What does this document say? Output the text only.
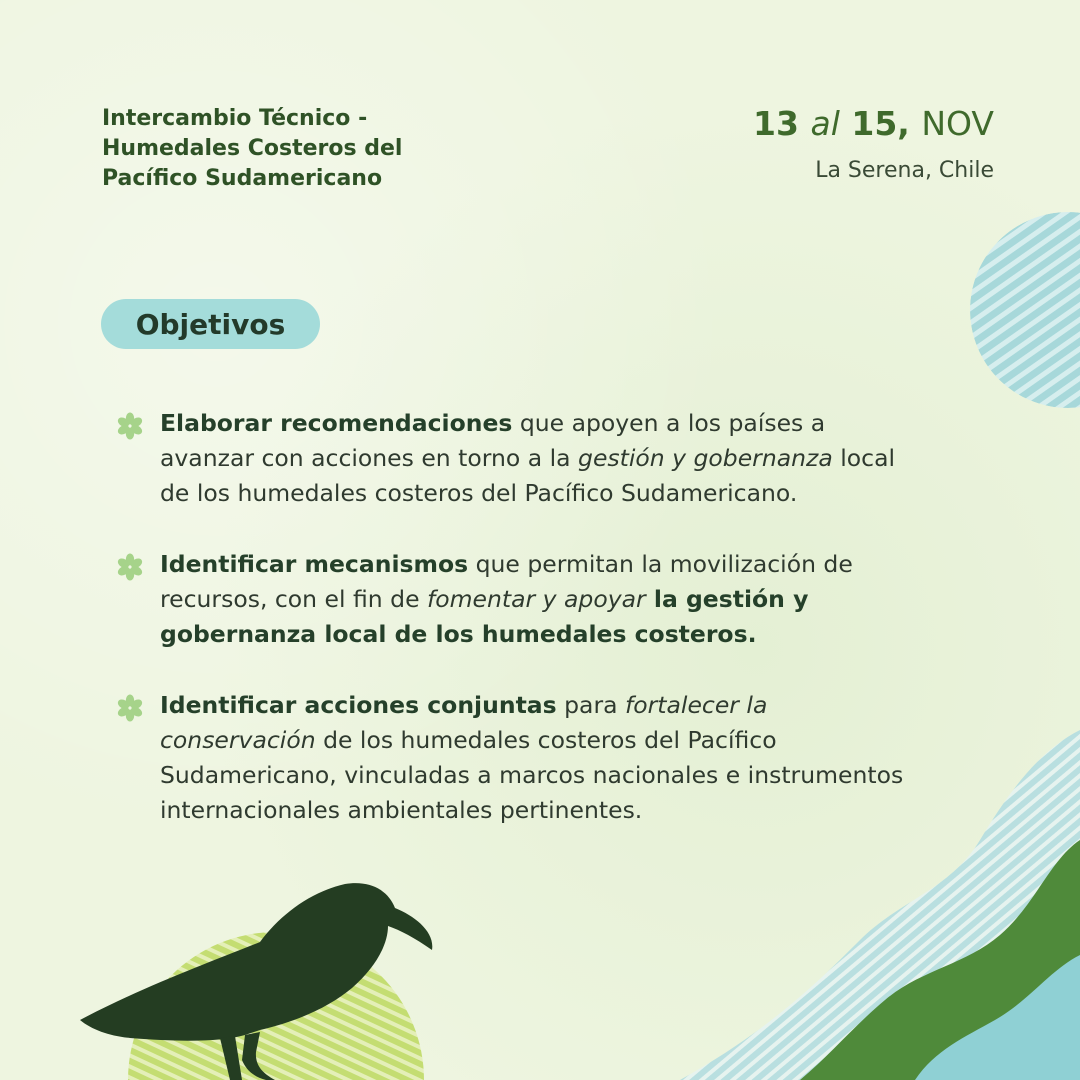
Intercambio Técnico -
Humedales Costeros del
Pacífico Sudamericano
13 al 15, NOV
La Serena, Chile
Objetivos
Elaborar recomendaciones que apoyen a los países a avanzar con acciones en torno a la gestión y gobernanza local de los humedales costeros del Pacífico Sudamericano.
Identificar mecanismos que permitan la movilización de recursos, con el fin de fomentar y apoyar la gestión y gobernanza local de los humedales costeros.
Identificar acciones conjuntas para fortalecer la conservación de los humedales costeros del Pacífico Sudamericano, vinculadas a marcos nacionales e instrumentos internacionales ambientales pertinentes.
